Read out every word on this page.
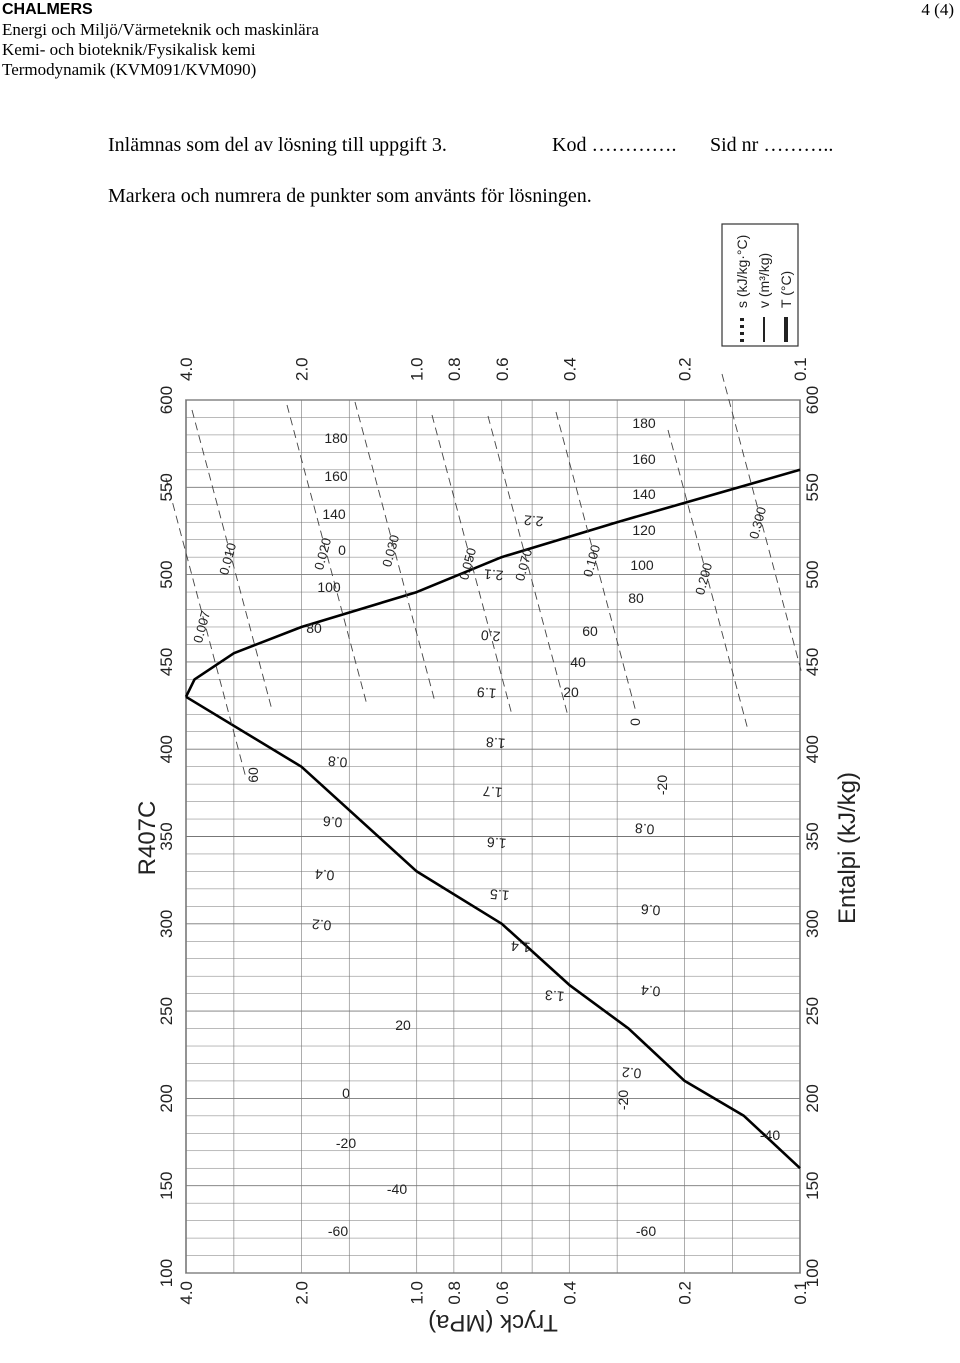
CHALMERS
Energi och Miljö/Värmeteknik och maskinlära
Kemi- och bioteknik/Fysikalisk kemi
Termodynamik (KVM091/KVM090)
4 (4)
Inlämnas som del av lösning till uppgift 3.	Kod …………. Sid nr ………..
Markera och numrera de punkter som använts för lösningen.
100	100
150	150
200	200
250	250
300	300
350	350
400	400
450	450
500	500
550	550
600	600
4.0
4.0
2.0
2.0
1.0
1.0
0.8
0.8
0.6
0.6
0.4
0.4
0.2
0.2
0.1
0.1
-60	-60
-40
-40
-20
-20
-20
0
0
0
20
20
40
60
60
80
80
100
100
120
140
140
160
160
180
180
1.3
1.4
1.5
1.6
1.7
1.8
1.9
2.0
2.1
2.2
0.007
0.010	0.020	0.030	0.050	0.070	0.100
0.200
0.300
0.2
0.2
0.4
0.4
0.6
0.6
0.8
0.8
R407C	Entalpi (kJ/kg)
Tryck (MPa)
s (kJ/kg·°C) v (m³/kg) T (°C)
